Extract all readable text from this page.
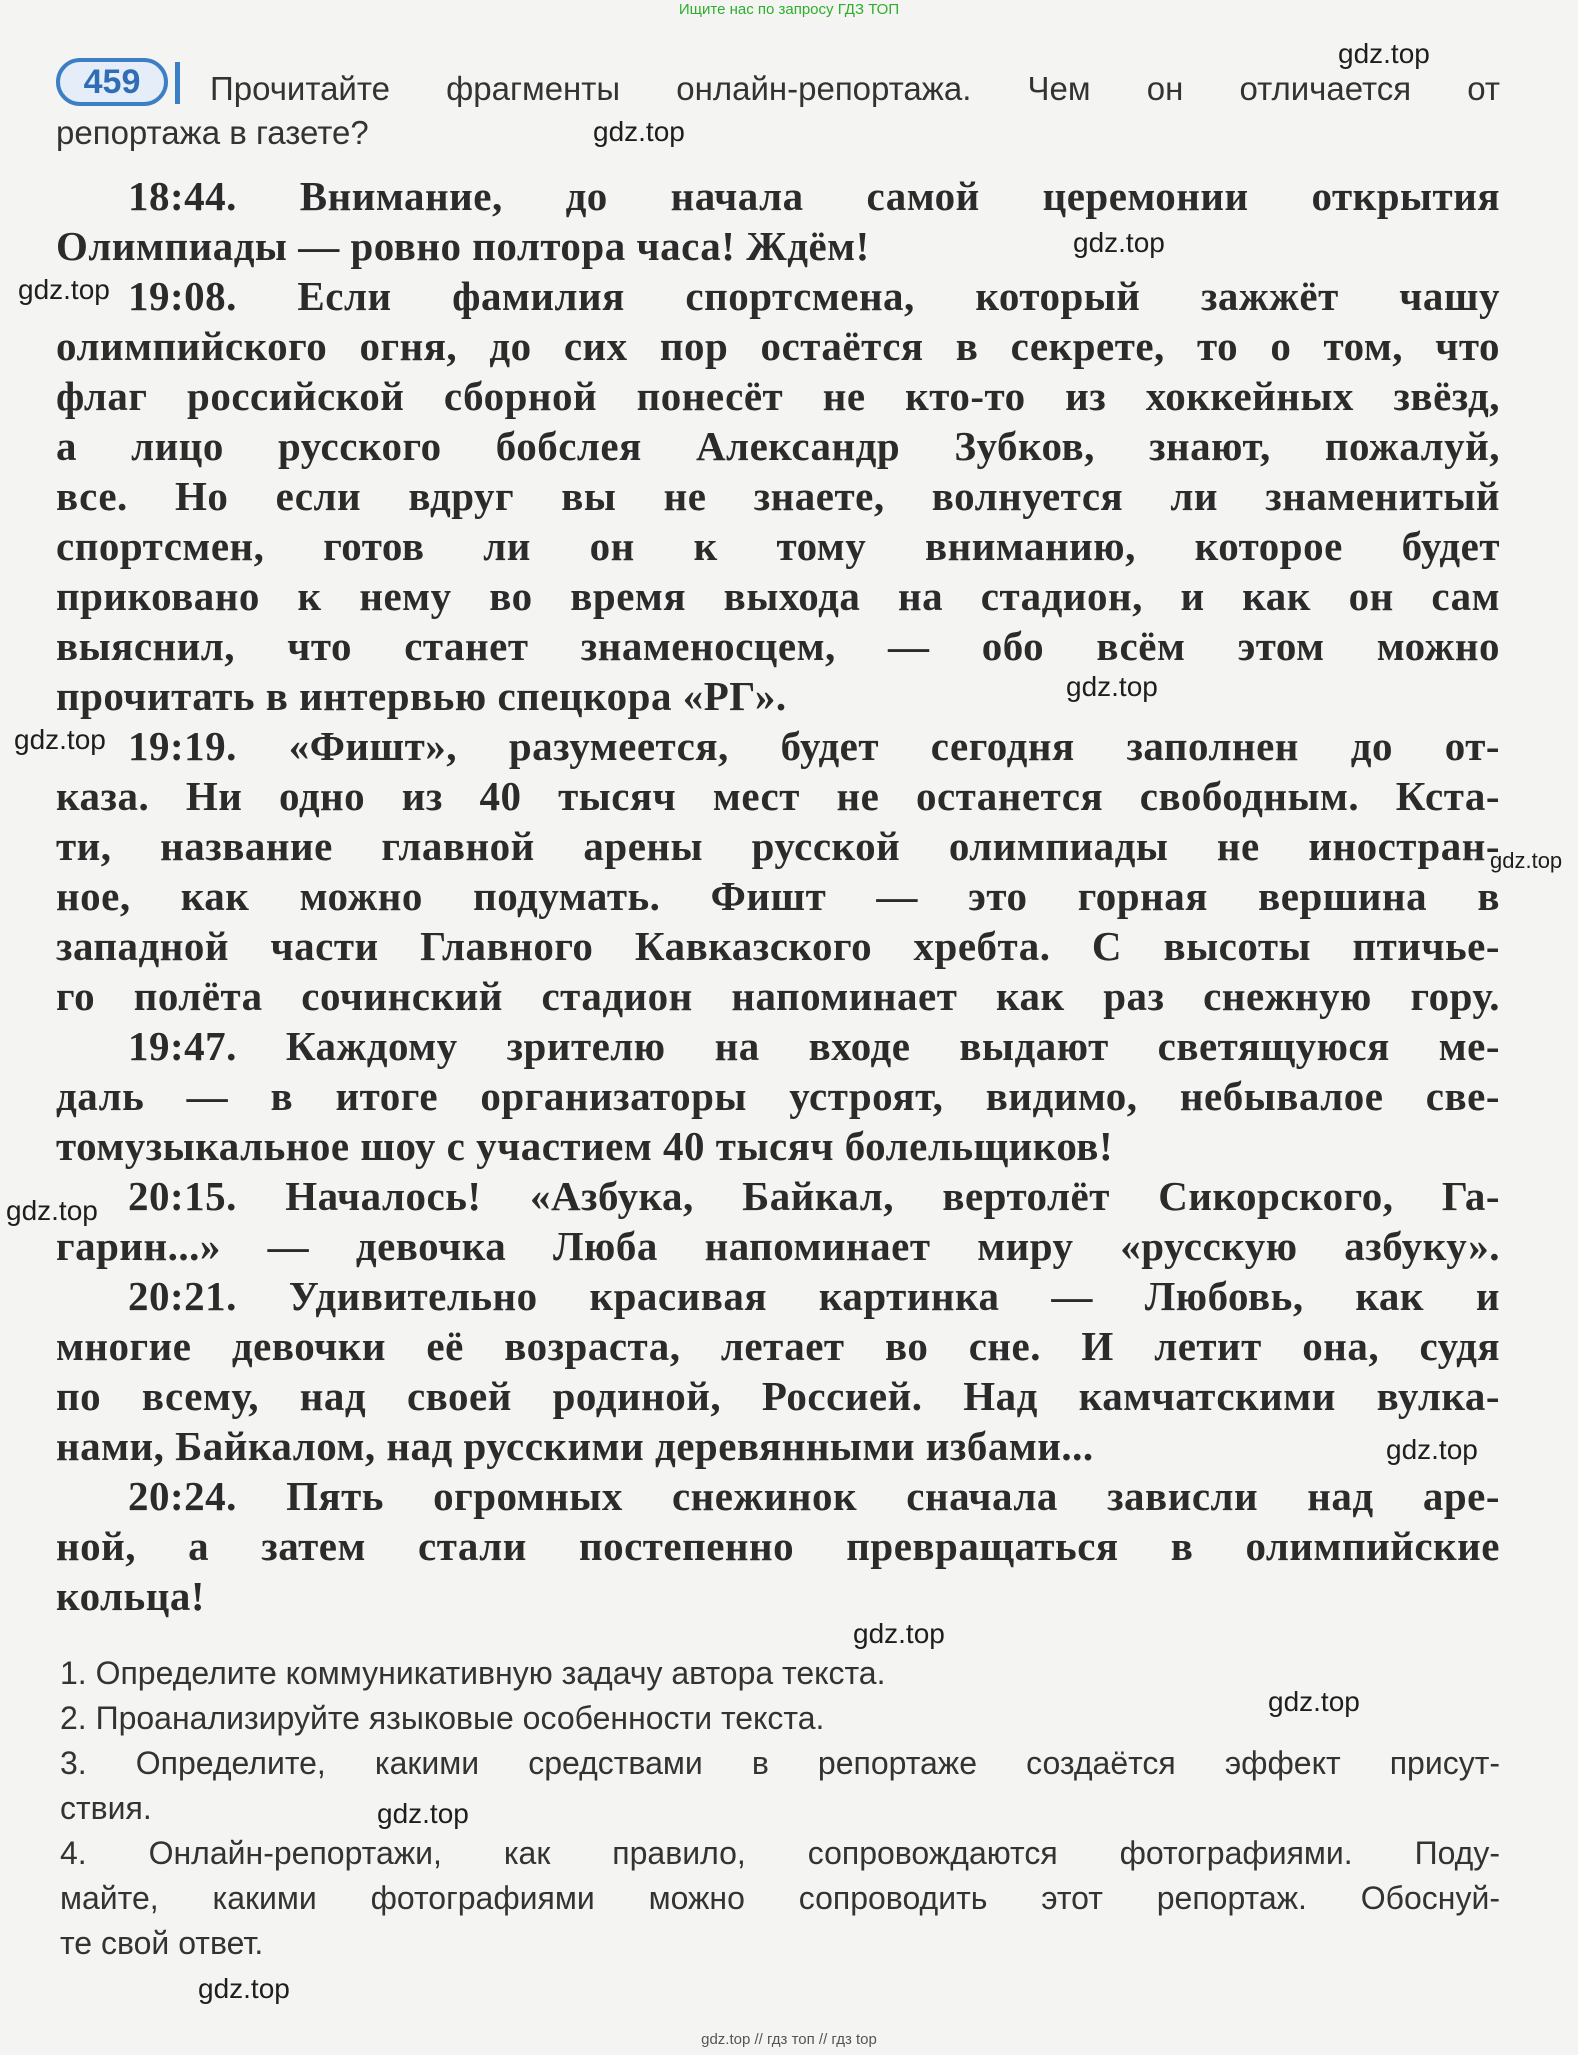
Ищите нас по запросу ГДЗ ТОП
459	Прочитайте фрагменты онлайн-репортажа. Чем он отличается от
репортажа в газете?
18:44. Внимание, до начала самой церемонии открытия
Олимпиады — ровно полтора часа! Ждём!
19:08. Если фамилия спортсмена, который зажжёт чашу
олимпийского огня, до сих пор остаётся в секрете, то о том, что
флаг российской сборной понесёт не кто-то из хоккейных звёзд,
а лицо русского бобслея Александр Зубков, знают, пожалуй,
все. Но если вдруг вы не знаете, волнуется ли знаменитый
спортсмен, готов ли он к тому вниманию, которое будет
приковано к нему во время выхода на стадион, и как он сам
выяснил, что станет знаменосцем, — обо всём этом можно
прочитать в интервью спецкора «РГ».
19:19. «Фишт», разумеется, будет сегодня заполнен до от-
каза. Ни одно из 40 тысяч мест не останется свободным. Кста-
ти, название главной арены русской олимпиады не иностран-
ное, как можно подумать. Фишт — это горная вершина в
западной части Главного Кавказского хребта. С высоты птичье-
го полёта сочинский стадион напоминает как раз снежную гору.
19:47. Каждому зрителю на входе выдают светящуюся ме-
даль — в итоге организаторы устроят, видимо, небывалое све-
томузыкальное шоу с участием 40 тысяч болельщиков!
20:15. Началось! «Азбука, Байкал, вертолёт Сикорского, Га-
гарин...» — девочка Люба напоминает миру «русскую азбуку».
20:21. Удивительно красивая картинка — Любовь, как и
многие девочки её возраста, летает во сне. И летит она, судя
по всему, над своей родиной, Россией. Над камчатскими вулка-
нами, Байкалом, над русскими деревянными избами...
20:24. Пять огромных снежинок сначала зависли над аре-
ной, а затем стали постепенно превращаться в олимпийские
кольца!
1. Определите коммуникативную задачу автора текста.
2. Проанализируйте языковые особенности текста.
3. Определите, какими средствами в репортаже создаётся эффект присут-
ствия.
4. Онлайн-репортажи, как правило, сопровождаются фотографиями. Поду-
майте, какими фотографиями можно сопроводить этот репортаж. Обоснуй-
те свой ответ.
gdz.top
gdz.top
gdz.top
gdz.top
gdz.top
gdz.top
gdz.top
gdz.top
gdz.top
gdz.top
gdz.top
gdz.top
gdz.top
gdz.top // гдз топ // гдз top
